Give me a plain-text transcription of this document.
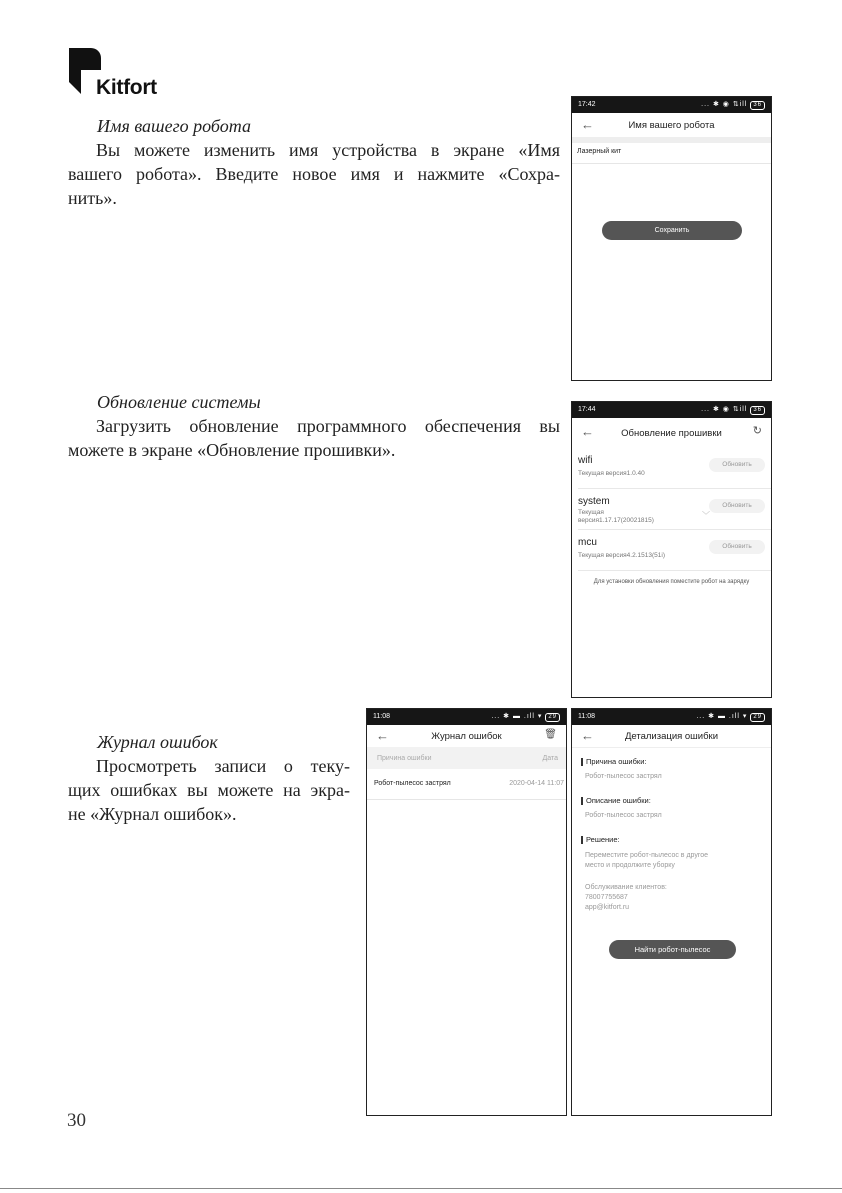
Kitfort
Имя вашего робота
Вы можете изменить имя устройства в экране «Имя
вашего робота». Введите новое имя и нажмите «Сохра-
нить».
Обновление системы
Загрузить обновление программного обеспечения вы
можете в экране «Обновление прошивки».
Журнал ошибок
Просмотреть записи о теку-
щих ошибках вы можете на экра-
не «Журнал ошибок».
30
17:42	... ✱ ◉ ⇅ill 36
←	Имя вашего робота
Лазерный кит
Сохранить
17:44	... ✱ ◉ ⇅ill 36
←	Обновление прошивки	↻
wifi
Текущая версия1.0.40
Обновить
system
Текущая
версия1.17.17(20021815)
﹀
Обновить
mcu
Текущая версия4.2.1513(51i)
Обновить
Для установки обновления поместите робот на зарядку
11:08	... ✱ ▬ .ıll ▾ 29
←	Журнал ошибок	🗑
Причина ошибки	Дата
Робот-пылесос застрял	2020-04-14 11:07
11:08	... ✱ ▬ .ıll ▾ 29
←	Детализация ошибки
Причина ошибки:
Робот-пылесос застрял
Описание ошибки:
Робот-пылесос застрял
Решение:
Переместите робот-пылесос в другое
место и продолжите уборку
Обслуживание клиентов:
78007755687
app@kitfort.ru
Найти робот-пылесос
